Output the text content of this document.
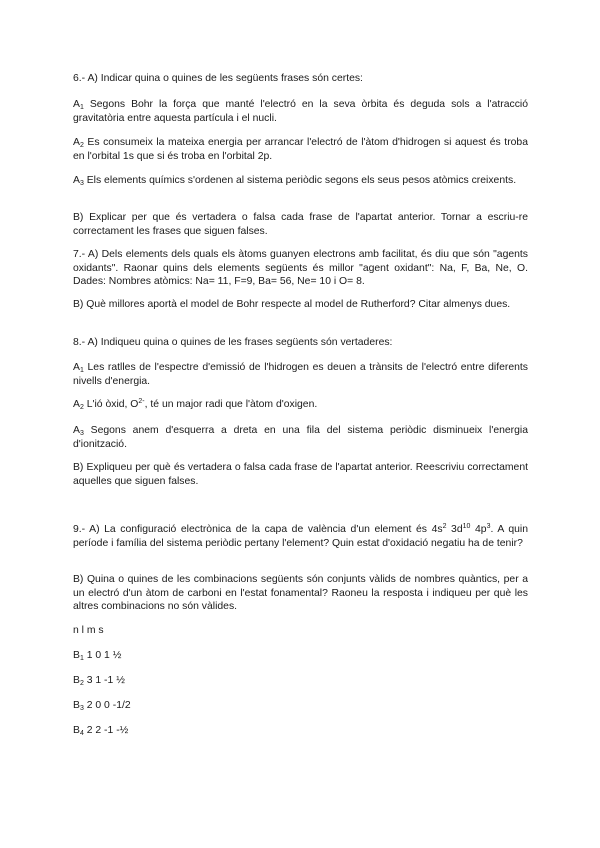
6.- A) Indicar quina o quines de les següents frases són certes:

$A_1$ Segons Bohr la força que manté l'electró en la seva òrbita és deguda sols a l'atracció gravitatòria entre aquesta partícula i el nucli.

$A_2$ Es consumeix la mateixa energia per arrancar l'electró de l'àtom d'hidrogen si aquest és troba en l'orbital 1s que si és troba en l'orbital 2p.

$A_3$ Els elements químics s'ordenen al sistema periòdic segons els seus pesos atòmics creixents.

B) Explicar per que és vertadera o falsa cada frase de l'apartat anterior. Tornar a escriu-re correctament les frases que siguen falses.

7.- A) Dels elements dels quals els àtoms guanyen electrons amb facilitat, és diu que són "agents oxidants". Raonar quins dels elements següents és millor "agent oxidant": Na, F, Ba, Ne, O. Dades: Nombres atòmics: Na= 11, F=9, Ba= 56, Ne= 10 i O= 8.

B) Què millores aportà el model de Bohr respecte al model de Rutherford? Citar almenys dues.

8.- A) Indiqueu quina o quines de les frases següents són vertaderes:

$A_1$ Les ratlles de l'espectre d'emissió de l'hidrogen es deuen a trànsits de l'electró entre diferents nivells d'energia.

$A_2$ L'ió òxid, $O^{2-}$, té un major radi que l'àtom d'oxigen.

$A_3$ Segons anem d'esquerra a dreta en una fila del sistema periòdic disminueix l'energia d'ionització.

B) Expliqueu per què és vertadera o falsa cada frase de l'apartat anterior. Reescriviu correctament aquelles que siguen falses.

9.- A) La configuració electrònica de la capa de valència d'un element és $4s^2$ $3d^{10}$ $4p^3$. A quin període i família del sistema periòdic pertany l'element? Quin estat d'oxidació negatiu ha de tenir?

B) Quina o quines de les combinacions següents són conjunts vàlids de nombres quàntics, per a un electró d'un àtom de carboni en l'estat fonamental? Raoneu la resposta i indiqueu per què les altres combinacions no són vàlides.

n l m s

$B_1$ 1 0 1 ½

$B_2$ 3 1 -1 ½

$B_3$ 2 0 0 -1/2

$B_4$ 2 2 -1 -½
